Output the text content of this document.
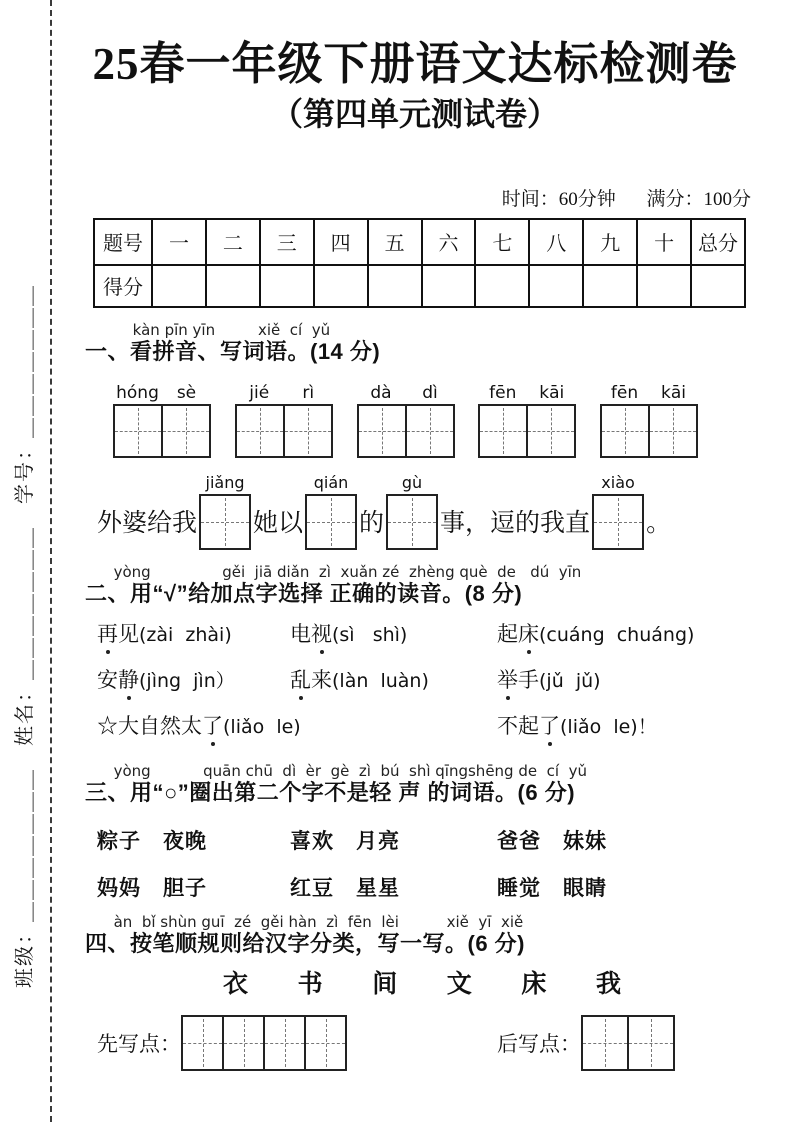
班级：＿＿＿＿＿＿＿　姓名：＿＿＿＿＿＿＿　学号：＿＿＿＿＿＿＿
25春一年级下册语文达标检测卷
（第四单元测试卷）
时间：60分钟 满分：100分
题号	一	二	三	四	五	六	七	八	九	十	总分
得分											
kàn pīn yīn         xiě  cí  yǔ
一、看拼音、写词语。(14 分)
hóng	sè	jié	rì	dà	dì	fēn	kāi	fēn	kāi
外婆给我
jiǎng
她以
qián
的
gù
事，逗的我直
xiào
。
yòng               gěi  jiā diǎn  zì  xuǎn zé  zhèng què  de   dú  yīn
二、用“√”给加点字选择 正确的读音。(8 分)
再见(zài  zhài)	电视(sì   shì)	起床(cuáng  chuáng)
安静(jìng  jìn）	乱来(làn  luàn)	举手(jǔ  jǔ)
☆大自然太了(liǎo  le)	不起了(liǎo  le)！
yòng           quān chū  dì  èr  gè  zì  bú  shì qīngshēng de  cí  yǔ
三、用“○”圈出第二个字不是轻 声 的词语。(6 分)
粽子　夜晚	喜欢　月亮	爸爸　妹妹
妈妈　胆子	红豆　星星	睡觉　眼睛
àn  bǐ shùn guī  zé  gěi hàn  zì  fēn  lèi          xiě  yī  xiě
四、按笔顺规则给汉字分类，写一写。(6 分)
衣 书 间 文 床 我
先写点：	后写点：
